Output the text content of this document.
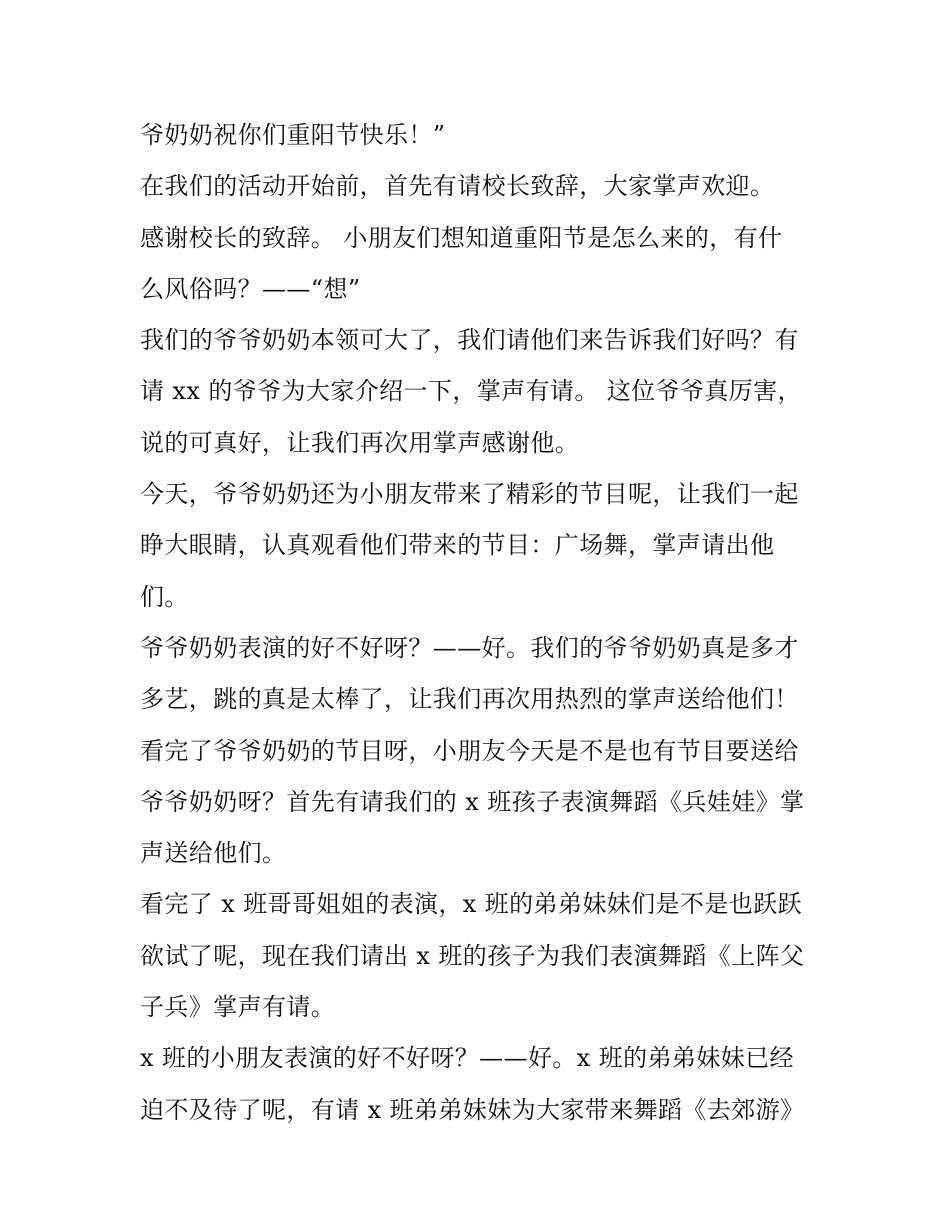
爷奶奶祝你们重阳节快乐！”
在我们的活动开始前，首先有请校长致辞，大家掌声欢迎。
感谢校长的致辞。 小朋友们想知道重阳节是怎么来的，有什
么风俗吗？——“想”
我们的爷爷奶奶本领可大了，我们请他们来告诉我们好吗？有
请 xx 的爷爷为大家介绍一下，掌声有请。 这位爷爷真厉害，
说的可真好，让我们再次用掌声感谢他。
今天，爷爷奶奶还为小朋友带来了精彩的节目呢，让我们一起
睁大眼睛，认真观看他们带来的节目：广场舞，掌声请出他
们。
爷爷奶奶表演的好不好呀？——好。我们的爷爷奶奶真是多才
多艺，跳的真是太棒了，让我们再次用热烈的掌声送给他们！
看完了爷爷奶奶的节目呀，小朋友今天是不是也有节目要送给
爷爷奶奶呀？首先有请我们的 x 班孩子表演舞蹈《兵娃娃》掌
声送给他们。
看完了 x 班哥哥姐姐的表演，x 班的弟弟妹妹们是不是也跃跃
欲试了呢，现在我们请出 x 班的孩子为我们表演舞蹈《上阵父
子兵》掌声有请。
x 班的小朋友表演的好不好呀？——好。x 班的弟弟妹妹已经
迫不及待了呢，有请 x 班弟弟妹妹为大家带来舞蹈《去郊游》
